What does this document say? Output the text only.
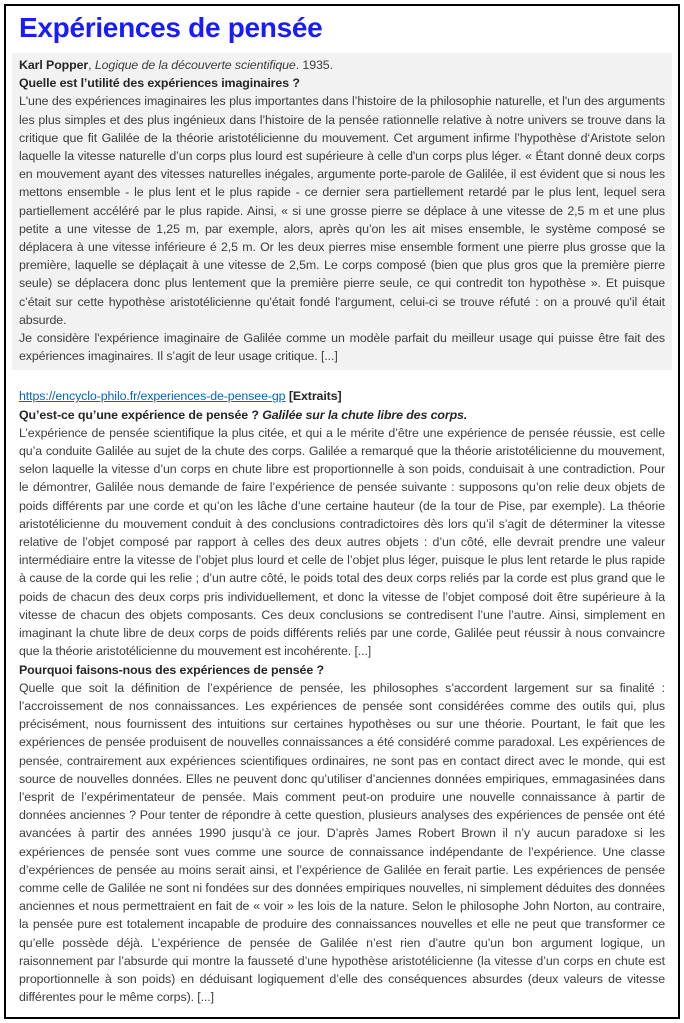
Expériences de pensée

Karl Popper, Logique de la découverte scientifique. 1935.

Quelle est l’utilité des expériences imaginaires ?

L'une des expériences imaginaires les plus importantes dans l’histoire de la philosophie naturelle, et l'un des arguments les plus simples et des plus ingénieux dans l’histoire de la pensée rationnelle relative à notre univers se trouve dans la critique que fit Galilée de la théorie aristotélicienne du mouvement. Cet argument infirme l’hypothèse d‘Aristote selon laquelle la vitesse naturelle d’un corps plus lourd est supérieure à celle d'un corps plus léger. « Étant donné deux corps en mouvement ayant des vitesses naturelles inégales, argumente porte-parole de Galilée, il est évident que si nous les mettons ensemble - le plus lent et le plus rapide - ce dernier sera partiellement retardé par le plus lent, lequel sera partiellement accéléré par le plus rapide. Ainsi, « si une grosse pierre se déplace à une vitesse de 2,5 m et une plus petite a une vitesse de 1,25 m, par exemple, alors, après qu’on les ait mises ensemble, le système composé se déplacera à une vitesse inférieure é 2,5 m. Or les deux pierres mise ensemble forment une pierre plus grosse que la première, laquelle se déplaçait à une vitesse de 2,5m. Le corps composé (bien que plus gros que la première pierre seule) se déplacera donc plus lentement que la première pierre seule, ce qui contredit ton hypothèse ». Et puisque c’était sur cette hypothèse aristotélicienne qu'était fondé l'argument, celui-ci se trouve réfuté : on a prouvé qu'il était absurde.

Je considère l'expérience imaginaire de Galilée comme un modèle parfait du meilleur usage qui puisse être fait des expériences imaginaires. Il s’agit de leur usage critique. [...]

https://encyclo-philo.fr/experiences-de-pensee-gp [Extraits]

Qu’est-ce qu’une expérience de pensée ? Galilée sur la chute libre des corps.

L’expérience de pensée scientifique la plus citée, et qui a le mérite d’être une expérience de pensée réussie, est celle qu’a conduite Galilée au sujet de la chute des corps. Galilée a remarqué que la théorie aristotélicienne du mouvement, selon laquelle la vitesse d’un corps en chute libre est proportionnelle à son poids, conduisait à une contradiction. Pour le démontrer, Galilée nous demande de faire l’expérience de pensée suivante : supposons qu’on relie deux objets de poids différents par une corde et qu’on les lâche d’une certaine hauteur (de la tour de Pise, par exemple). La théorie aristotélicienne du mouvement conduit à des conclusions contradictoires dès lors qu’il s’agit de déterminer la vitesse relative de l’objet composé par rapport à celles des deux autres objets : d’un côté, elle devrait prendre une valeur intermédiaire entre la vitesse de l’objet plus lourd et celle de l’objet plus léger, puisque le plus lent retarde le plus rapide à cause de la corde qui les relie ; d’un autre côté, le poids total des deux corps reliés par la corde est plus grand que le poids de chacun des deux corps pris individuellement, et donc la vitesse de l’objet composé doit être supérieure à la vitesse de chacun des objets composants. Ces deux conclusions se contredisent l’une l’autre. Ainsi, simplement en imaginant la chute libre de deux corps de poids différents reliés par une corde, Galilée peut réussir à nous convaincre que la théorie aristotélicienne du mouvement est incohérente. [...]

Pourquoi faisons-nous des expériences de pensée ?

Quelle que soit la définition de l’expérience de pensée, les philosophes s’accordent largement sur sa finalité : l’accroissement de nos connaissances. Les expériences de pensée sont considérées comme des outils qui, plus précisément, nous fournissent des intuitions sur certaines hypothèses ou sur une théorie. Pourtant, le fait que les expériences de pensée produisent de nouvelles connaissances a été considéré comme paradoxal. Les expériences de pensée, contrairement aux expériences scientifiques ordinaires, ne sont pas en contact direct avec le monde, qui est source de nouvelles données. Elles ne peuvent donc qu’utiliser d’anciennes données empiriques, emmagasinées dans l’esprit de l’expérimentateur de pensée. Mais comment peut-on produire une nouvelle connaissance à partir de données anciennes ? Pour tenter de répondre à cette question, plusieurs analyses des expériences de pensée ont été avancées à partir des années 1990 jusqu’à ce jour. D’après James Robert Brown il n’y aucun paradoxe si les expériences de pensée sont vues comme une source de connaissance indépendante de l’expérience. Une classe d’expériences de pensée au moins serait ainsi, et l’expérience de Galilée en ferait partie. Les expériences de pensée comme celle de Galilée ne sont ni fondées sur des données empiriques nouvelles, ni simplement déduites des données anciennes et nous permettraient en fait de « voir » les lois de la nature. Selon le philosophe John Norton, au contraire, la pensée pure est totalement incapable de produire des connaissances nouvelles et elle ne peut que transformer ce qu’elle possède déjà. L’expérience de pensée de Galilée n’est rien d’autre qu’un bon argument logique, un raisonnement par l’absurde qui montre la fausseté d’une hypothèse aristotélicienne (la vitesse d’un corps en chute est proportionnelle à son poids) en déduisant logiquement d’elle des conséquences absurdes (deux valeurs de vitesse différentes pour le même corps). [...]
